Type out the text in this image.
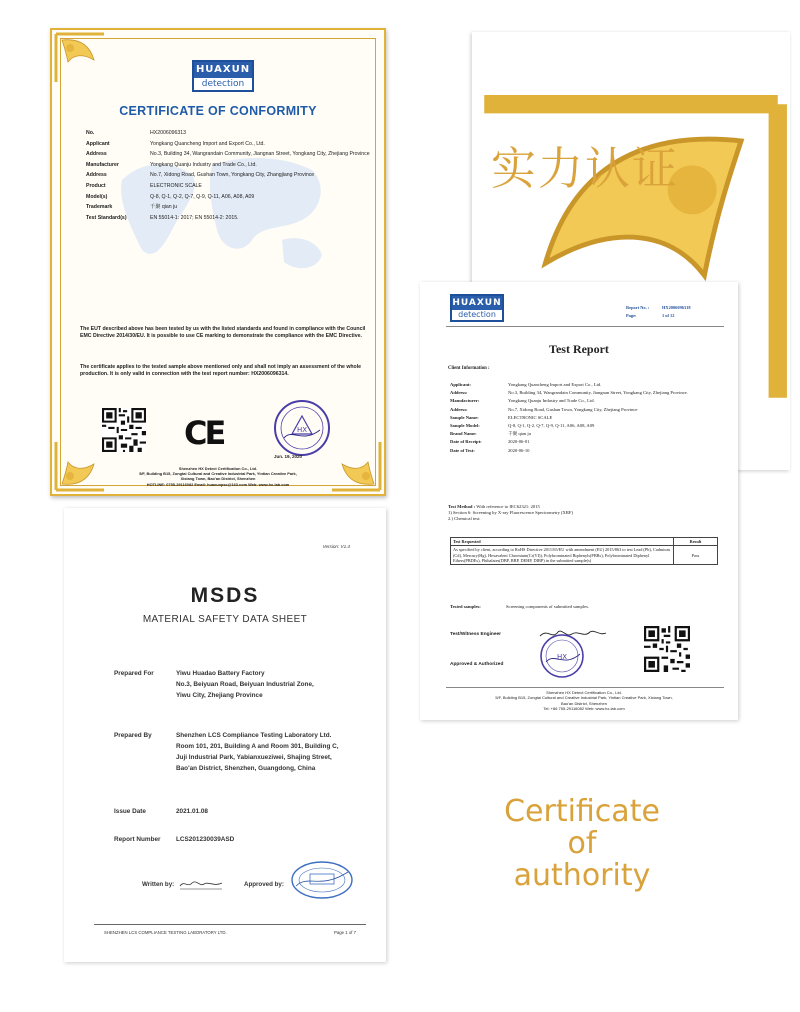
HUAXUN
detection
CERTIFICATE OF CONFORMITY
No.	HX2006096313
Applicant	Yongkang Quancheng Import and Export Co., Ltd.
Address	No.3, Building 34, Wangrandain Community, Jiangnan Street, Yongkang City, Zhejiang Province
Manufacturer	Yongkang Quanju Industry and Trade Co., Ltd.
Address	No.7, Xidong Road, Gushan Town, Yongkang City, Zhangjiang Province
Product	ELECTRONIC SCALE
Model(s)	Q-8, Q-1, Q-2, Q-7, Q-9, Q-11, A06, A08, A09
Trademark	千聚 qian ju
Test Standard(s)	EN 55014-1: 2017; EN 55014-2: 2015.
The EUT described above has been tested by us with the listed standards and found in compliance with the Council EMC Directive 2014/30/EU. It is possible to use CE marking to demonstrate the compliance with the EMC Directive.
The certificate applies to the tested sample above mentioned only and shall not imply an assessment of the whole production. It is only valid in connection with the test report number: HX2006096314.
CE	HX
Jun. 19, 2020
Shenzhen HX Detect Certification Co., Ltd.
5/F, Building B15, Zongtai Cultural and Creative Industrial Park, Yintian Creative Park,
Xixiang Town, Bao'an District, Shenzhen
HOTLINE: 0755-29116082 Email: huaxunpsc@163.com Web: www.hx-lab.com
实力认证
HUAXUN
detection
Report No. :	HX2006096318
Page:	1 of 12
Test Report
Client Information :
Applicant:	Yongkang Quancheng Import and Export Co., Ltd.
Address:	No.3, Building 34, Wangrandain Community, Jiangnan Street, Yongkang City, Zhejiang Province.
Manufacturer:	Yongkang Quanju Industry and Trade Co., Ltd.
Address:	No.7, Xidong Road, Gushan Town, Yongkang City, Zhejiang Province
Sample Name:	ELECTRONIC SCALE
Sample Model:	Q-8, Q-1, Q-2, Q-7, Q-9, Q-11, A06, A08, A09
Brand Name:	千聚 qian ju
Date of Receipt:	2020-06-01
Date of Test:	2020-06-10
Test Method : With reference to IEC62321: 2015
1) Section 6: Screening by X-ray Fluorescence Spectrometry (XRF)
2.) Chemical test:
Test Requested	Result
As specified by client, according to RoHS Directive 2011/65/EU with amendment (EU) 2015/863 to test Lead (Pb), Cadmium (Cd), Mercury(Hg), Hexavalent Chromium(Cr(VI)), Polybrominated Biphenyls(PBBs), Polybrominated Diphenyl Ethers(PBDEs), Phthalates(DBP, BBP, DEHP, DIBP) in the submitted sample(s)	Pass
Tested samples:	Screening components of submitted samples.
Test/Witness Engineer
Approved & Authorized
HX
Shenzhen HX Detect Certification Co., Ltd.
5/F, Building B15, Zongtai Cultural and Creative Industrial Park, Yintian Creative Park, Xixiang Town,
Bao'an District, Shenzhen
Tel: +86 755-29116082 Web: www.hx-lab.com
Version: V1.4
MSDS
MATERIAL SAFETY DATA SHEET
Prepared For	Yiwu Huadao Battery Factory
No.3, Beiyuan Road, Beiyuan Industrial Zone,
Yiwu City, Zhejiang Province
Prepared By	Shenzhen LCS Compliance Testing Laboratory Ltd.
Room 101, 201, Building A and Room 301, Building C,
Juji Industrial Park, Yabianxueziwei, Shajing Street,
Bao'an District, Shenzhen, Guangdong, China
Issue Date	2021.01.08
Report Number	LCS201230039ASD
Written by:	Approved by:
SHENZHEN LCS COMPLIANCE TESTING LABORATORY LTD.	Page 1 of 7
Certificate
of
authority
